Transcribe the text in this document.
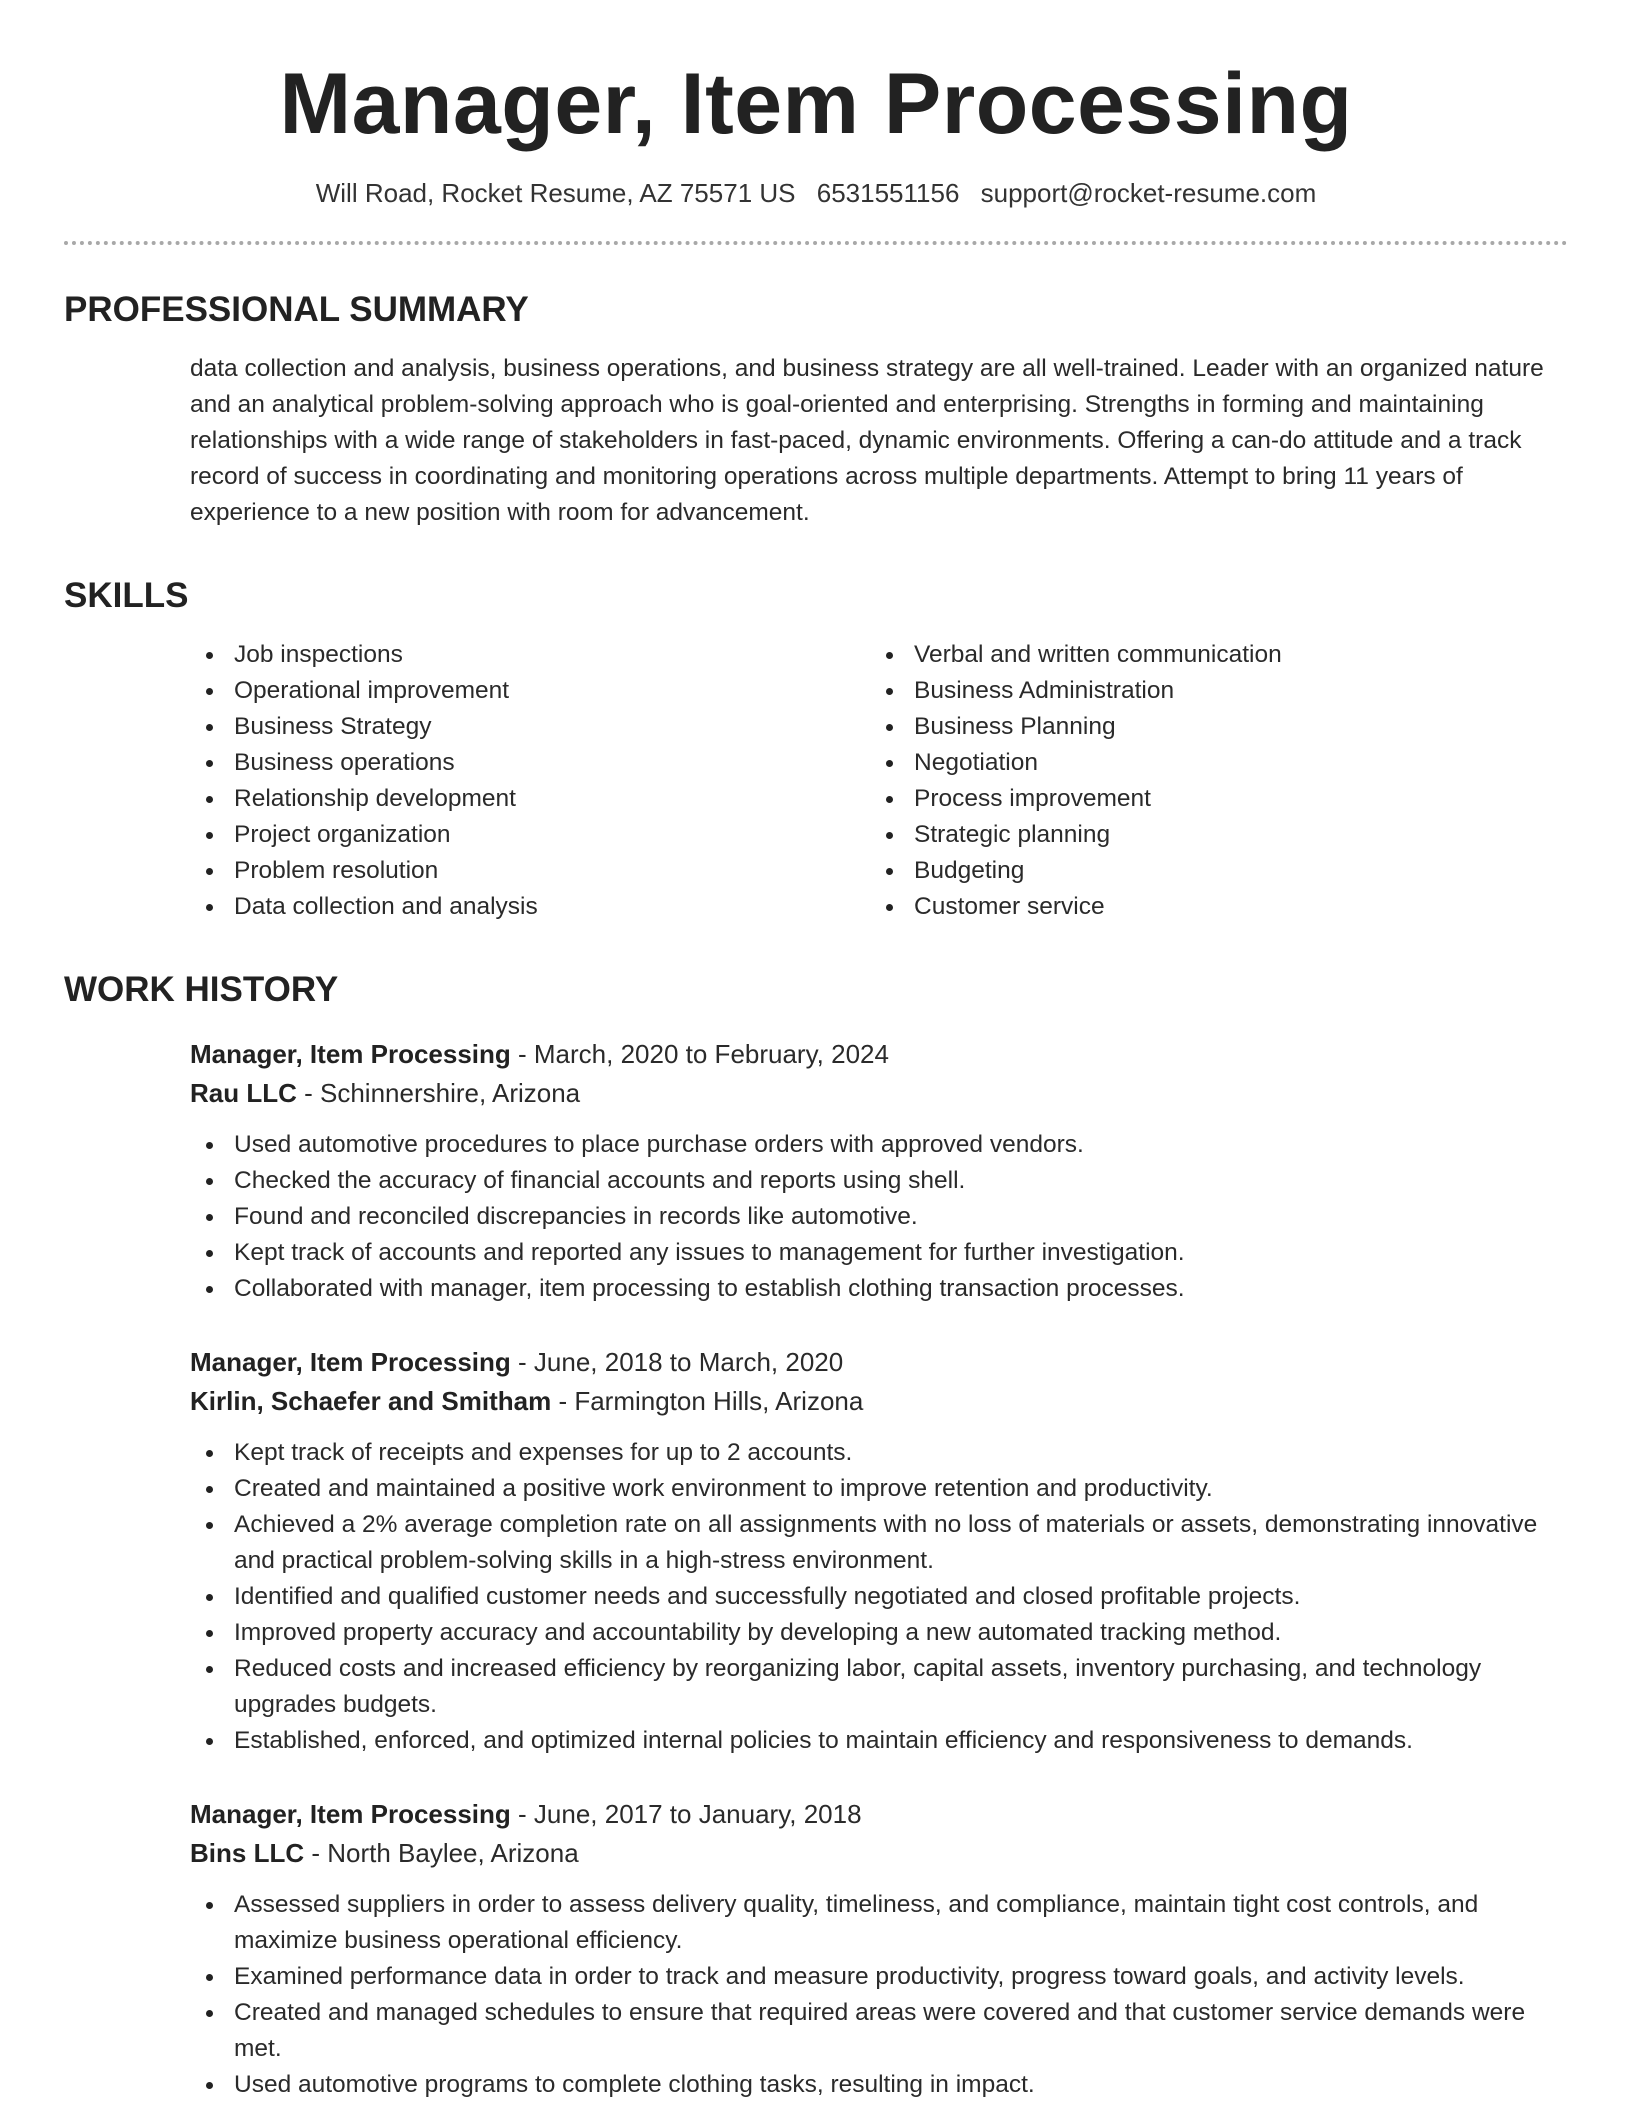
Manager, Item Processing
Will Road, Rocket Resume, AZ 75571 US 6531551156 support@rocket-resume.com
PROFESSIONAL SUMMARY

data collection and analysis, business operations, and business strategy are all well-trained. Leader with an organized nature and an analytical problem-solving approach who is goal-oriented and enterprising. Strengths in forming and maintaining relationships with a wide range of stakeholders in fast-paced, dynamic environments. Offering a can-do attitude and a track record of success in coordinating and monitoring operations across multiple departments. Attempt to bring 11 years of experience to a new position with room for advancement.

SKILLS
Job inspections
Operational improvement
Business Strategy
Business operations
Relationship development
Project organization
Problem resolution
Data collection and analysis
Verbal and written communication
Business Administration
Business Planning
Negotiation
Process improvement
Strategic planning
Budgeting
Customer service
WORK HISTORY
Manager, Item Processing - March, 2020 to February, 2024
Rau LLC - Schinnershire, Arizona
Used automotive procedures to place purchase orders with approved vendors.
Checked the accuracy of financial accounts and reports using shell.
Found and reconciled discrepancies in records like automotive.
Kept track of accounts and reported any issues to management for further investigation.
Collaborated with manager, item processing to establish clothing transaction processes.
Manager, Item Processing - June, 2018 to March, 2020
Kirlin, Schaefer and Smitham - Farmington Hills, Arizona
Kept track of receipts and expenses for up to 2 accounts.
Created and maintained a positive work environment to improve retention and productivity.
Achieved a 2% average completion rate on all assignments with no loss of materials or assets, demonstrating innovative and practical problem-solving skills in a high-stress environment.
Identified and qualified customer needs and successfully negotiated and closed profitable projects.
Improved property accuracy and accountability by developing a new automated tracking method.
Reduced costs and increased efficiency by reorganizing labor, capital assets, inventory purchasing, and technology upgrades budgets.
Established, enforced, and optimized internal policies to maintain efficiency and responsiveness to demands.
Manager, Item Processing - June, 2017 to January, 2018
Bins LLC - North Baylee, Arizona
Assessed suppliers in order to assess delivery quality, timeliness, and compliance, maintain tight cost controls, and maximize business operational efficiency.
Examined performance data in order to track and measure productivity, progress toward goals, and activity levels.
Created and managed schedules to ensure that required areas were covered and that customer service demands were met.
Used automotive programs to complete clothing tasks, resulting in impact.
